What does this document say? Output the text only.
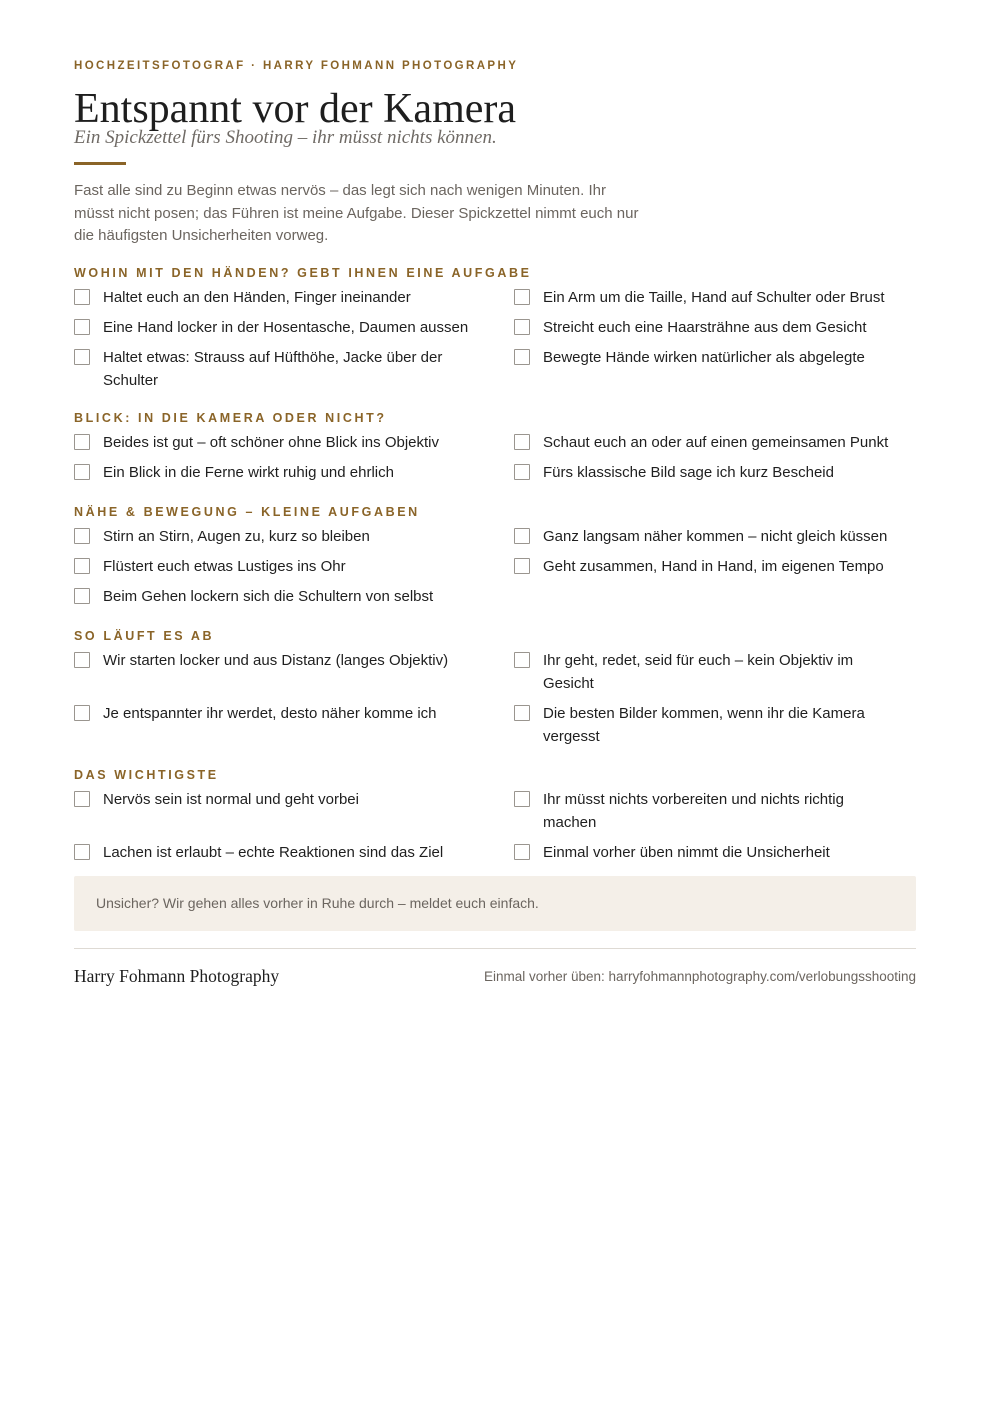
HOCHZEITSFOTOGRAF · HARRY FOHMANN PHOTOGRAPHY
Entspannt vor der Kamera
Ein Spickzettel fürs Shooting – ihr müsst nichts können.
Fast alle sind zu Beginn etwas nervös – das legt sich nach wenigen Minuten. Ihr müsst nicht posen; das Führen ist meine Aufgabe. Dieser Spickzettel nimmt euch nur die häufigsten Unsicherheiten vorweg.
WOHIN MIT DEN HÄNDEN? GEBT IHNEN EINE AUFGABE
Haltet euch an den Händen, Finger ineinander	Ein Arm um die Taille, Hand auf Schulter oder Brust
Eine Hand locker in der Hosentasche, Daumen aussen	Streicht euch eine Haarsträhne aus dem Gesicht
Haltet etwas: Strauss auf Hüfthöhe, Jacke über der Schulter
Bewegte Hände wirken natürlicher als abgelegte
BLICK: IN DIE KAMERA ODER NICHT?
Beides ist gut – oft schöner ohne Blick ins Objektiv	Schaut euch an oder auf einen gemeinsamen Punkt
Ein Blick in die Ferne wirkt ruhig und ehrlich	Fürs klassische Bild sage ich kurz Bescheid
NÄHE & BEWEGUNG – KLEINE AUFGABEN
Stirn an Stirn, Augen zu, kurz so bleiben	Ganz langsam näher kommen – nicht gleich küssen
Flüstert euch etwas Lustiges ins Ohr	Geht zusammen, Hand in Hand, im eigenen Tempo
Beim Gehen lockern sich die Schultern von selbst
SO LÄUFT ES AB
Wir starten locker und aus Distanz (langes Objektiv)	Ihr geht, redet, seid für euch – kein Objektiv im Gesicht
Je entspannter ihr werdet, desto näher komme ich	Die besten Bilder kommen, wenn ihr die Kamera vergesst
DAS WICHTIGSTE
Nervös sein ist normal und geht vorbei	Ihr müsst nichts vorbereiten und nichts richtig machen
Lachen ist erlaubt – echte Reaktionen sind das Ziel	Einmal vorher üben nimmt die Unsicherheit
Unsicher? Wir gehen alles vorher in Ruhe durch – meldet euch einfach.
Harry Fohmann Photography	Einmal vorher üben: harryfohmannphotography.com/verlobungsshooting
